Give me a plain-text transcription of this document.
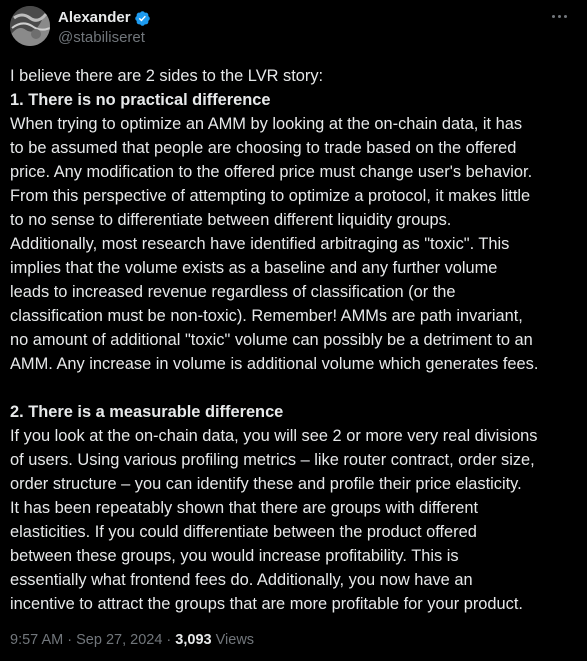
Alexander
@stabiliseret
I believe there are 2 sides to the LVR story:
1. There is no practical difference
When trying to optimize an AMM by looking at the on-chain data, it has
to be assumed that people are choosing to trade based on the offered
price. Any modification to the offered price must change user's behavior.
From this perspective of attempting to optimize a protocol, it makes little
to no sense to differentiate between different liquidity groups.
Additionally, most research have identified arbitraging as "toxic". This
implies that the volume exists as a baseline and any further volume
leads to increased revenue regardless of classification (or the
classification must be non-toxic). Remember! AMMs are path invariant,
no amount of additional "toxic" volume can possibly be a detriment to an
AMM. Any increase in volume is additional volume which generates fees.
2. There is a measurable difference
If you look at the on-chain data, you will see 2 or more very real divisions
of users. Using various profiling metrics – like router contract, order size,
order structure – you can identify these and profile their price elasticity.
It has been repeatably shown that there are groups with different
elasticities. If you could differentiate between the product offered
between these groups, you would increase profitability. This is
essentially what frontend fees do. Additionally, you now have an
incentive to attract the groups that are more profitable for your product.
9:57 AM · Sep 27, 2024 · 3,093 Views
